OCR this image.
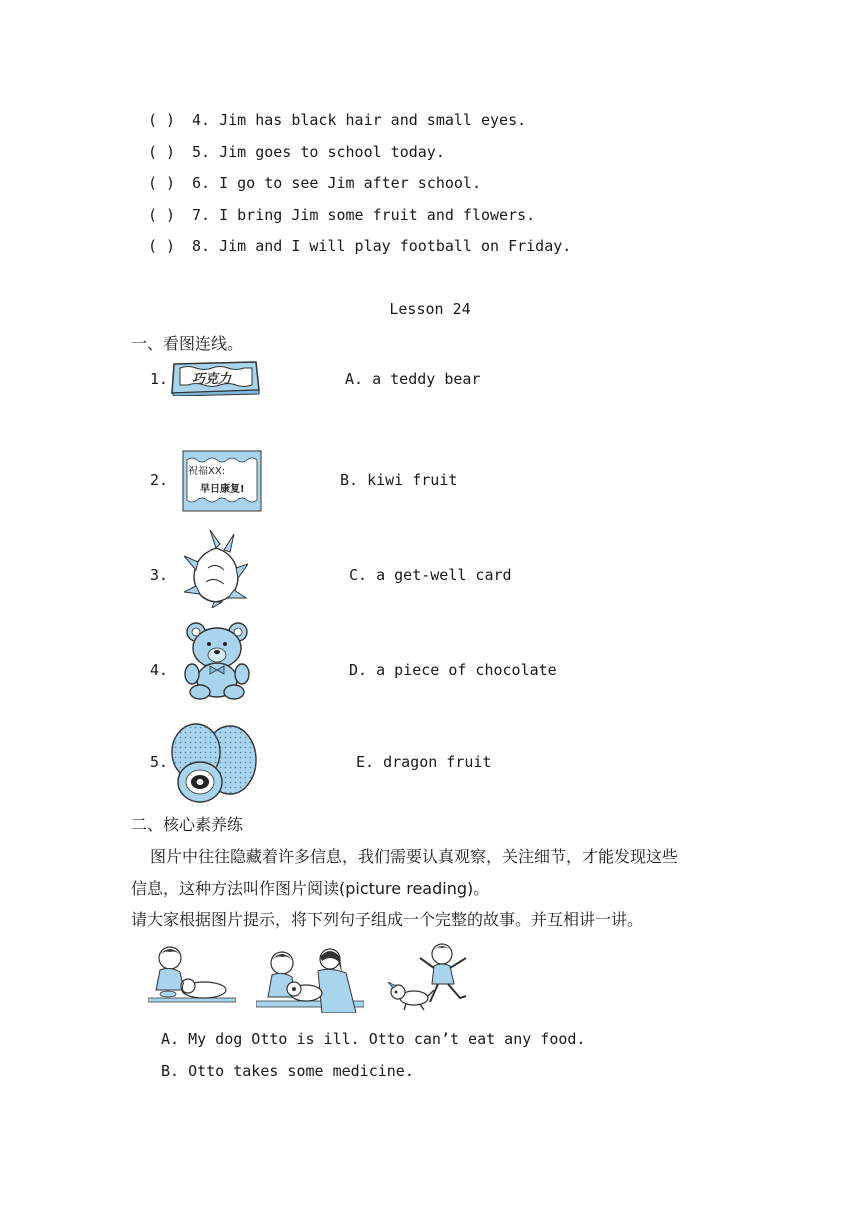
( ) 4. Jim has black hair and small eyes.
( ) 5. Jim goes to school today.
( ) 6. I go to see Jim after school.
( ) 7. I bring Jim some fruit and flowers.
( ) 8. Jim and I will play football on Friday.
Lesson 24
一、看图连线。
1.
2.
3.
4.
5.
A. a teddy bear
B. kiwi fruit
C. a get-well card
D. a piece of chocolate
E. dragon fruit
巧克力
祝福XX:
早日康复!
二、核心素养练
图片中往往隐藏着许多信息，我们需要认真观察，关注细节，才能发现这些
信息，这种方法叫作图片阅读(picture reading)。
请大家根据图片提示，将下列句子组成一个完整的故事。并互相讲一讲。
A. My dog Otto is ill. Otto can’t eat any food.
B. Otto takes some medicine.
